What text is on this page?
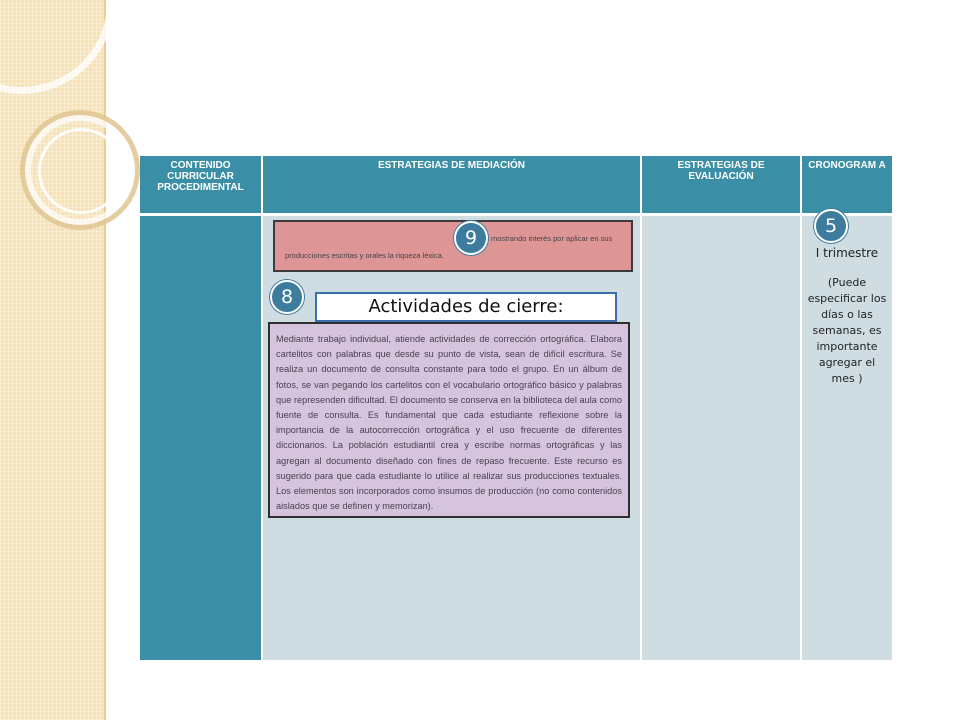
CONTENIDO CURRICULAR PROCEDIMENTAL
ESTRATEGIAS DE MEDIACIÓN	ESTRATEGIAS DE EVALUACIÓN
CRONOGRAM A
mostrando interés por aplicar en sus
producciones escritas y orales la riqueza léxica.
9
8	Actividades de cierre:
Mediante trabajo individual, atiende actividades de corrección ortográfica. Elabora cartelitos con palabras que desde su punto de vista, sean de difícil escritura. Se realiza un documento de consulta constante para todo el grupo. En un álbum de fotos, se van pegando los cartelitos con el vocabulario ortográfico básico y palabras que represenden dificultad. El documento se conserva en la biblioteca del aula como fuente de consulta. Es fundamental que cada estudiante reflexione sobre la importancia de la autocorrección ortográfica y el uso frecuente de diferentes diccionarios. La población estudiantil crea y escribe normas ortográficas y las agregan al documento diseñado con fines de repaso frecuente. Este recurso es sugerido para que cada estudiante lo utilice al realizar sus producciones textuales. Los elementos son incorporados como insumos de producción (no como contenidos aislados que se definen y memorizan).
5
I trimestre
(Puede especificar los días o las semanas, es importante agregar el mes )
